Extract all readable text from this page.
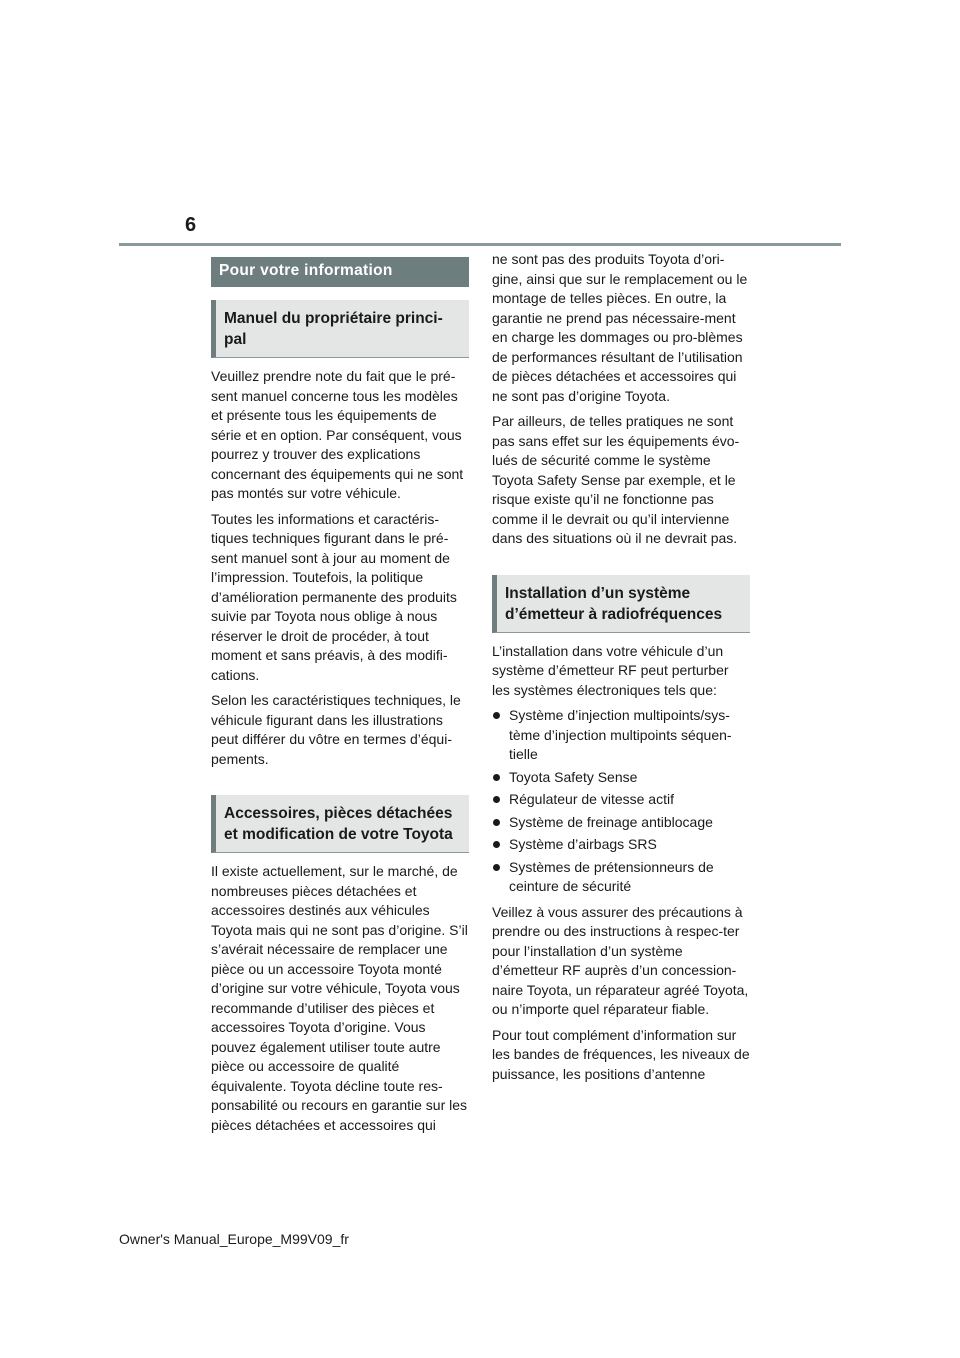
6
Pour votre information
Manuel du propriétaire princi-pal

Veuillez prendre note du fait que le pré-sent manuel concerne tous les modèles et présente tous les équipements de série et en option. Par conséquent, vous pourrez y trouver des explications concernant des équipements qui ne sont pas montés sur votre véhicule.

Toutes les informations et caractéris-tiques techniques figurant dans le pré-sent manuel sont à jour au moment de l’impression. Toutefois, la politique d’amélioration permanente des produits suivie par Toyota nous oblige à nous réserver le droit de procéder, à tout moment et sans préavis, à des modifi-cations.

Selon les caractéristiques techniques, le véhicule figurant dans les illustrations peut différer du vôtre en termes d’équi-pements.

Accessoires, pièces détachées et modification de votre Toyota

Il existe actuellement, sur le marché, de nombreuses pièces détachées et accessoires destinés aux véhicules Toyota mais qui ne sont pas d’origine. S’il s’avérait nécessaire de remplacer une pièce ou un accessoire Toyota monté d’origine sur votre véhicule, Toyota vous recommande d’utiliser des pièces et accessoires Toyota d’origine. Vous pouvez également utiliser toute autre pièce ou accessoire de qualité équivalente. Toyota décline toute res-ponsabilité ou recours en garantie sur les pièces détachées et accessoires qui

ne sont pas des produits Toyota d’ori-gine, ainsi que sur le remplacement ou le montage de telles pièces. En outre, la garantie ne prend pas nécessaire-ment en charge les dommages ou pro-blèmes de performances résultant de l’utilisation de pièces détachées et accessoires qui ne sont pas d’origine Toyota.

Par ailleurs, de telles pratiques ne sont pas sans effet sur les équipements évo-lués de sécurité comme le système Toyota Safety Sense par exemple, et le risque existe qu’il ne fonctionne pas comme il le devrait ou qu’il intervienne dans des situations où il ne devrait pas.

Installation d’un système d’émetteur à radiofréquences

L’installation dans votre véhicule d’un système d’émetteur RF peut perturber les systèmes électroniques tels que:

Système d’injection multipoints/sys-tème d’injection multipoints séquen-tielle
Toyota Safety Sense
Régulateur de vitesse actif
Système de freinage antiblocage
Système d’airbags SRS
Systèmes de prétensionneurs de ceinture de sécurité

Veillez à vous assurer des précautions à prendre ou des instructions à respec-ter pour l’installation d’un système d’émetteur RF auprès d’un concession-naire Toyota, un réparateur agréé Toyota, ou n’importe quel réparateur fiable.

Pour tout complément d’information sur les bandes de fréquences, les niveaux de puissance, les positions d’antenne

Owner's Manual_Europe_M99V09_fr
